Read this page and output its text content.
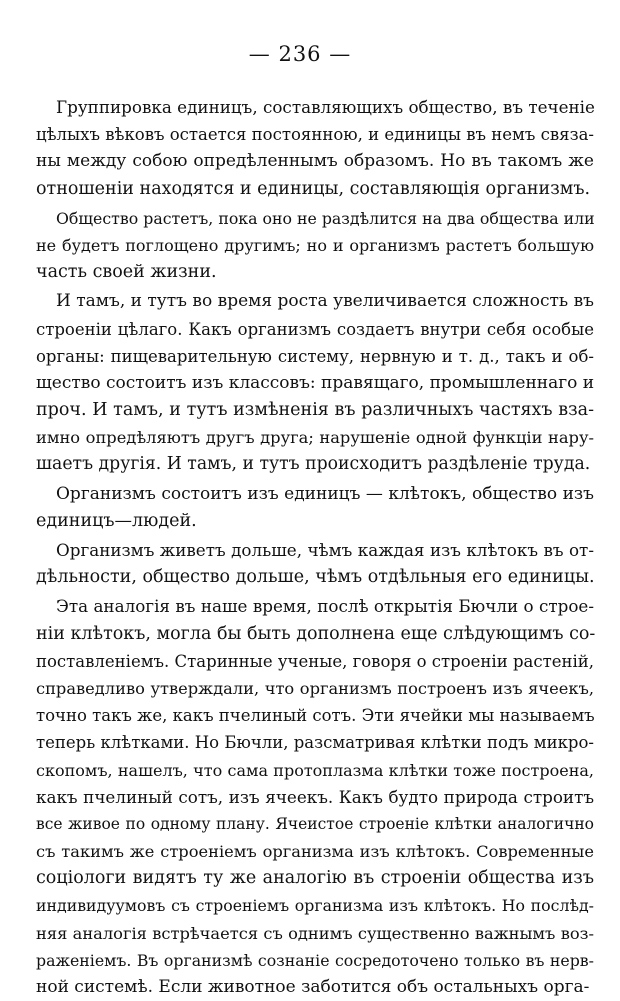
— 236 —
Группировка единицъ, составляющихъ общество, въ теченіе
цѣлыхъ вѣковъ остается постоянною, и единицы въ немъ связа-
ны между собою опредѣленнымъ образомъ. Но въ такомъ же
отношеніи находятся и единицы, составляющія организмъ.
Общество растетъ, пока оно не раздѣлится на два общества или
не будетъ поглощено другимъ; но и организмъ растетъ большую
часть своей жизни.
И тамъ, и тутъ во время роста увеличивается сложность въ
строеніи цѣлаго. Какъ организмъ создаетъ внутри себя особые
органы: пищеварительную систему, нервную и т. д., такъ и об-
щество состоитъ изъ классовъ: правящаго, промышленнаго и
проч. И тамъ, и тутъ измѣненія въ различныхъ частяхъ вза-
имно опредѣляютъ другъ друга; нарушеніе одной функціи нару-
шаетъ другія. И тамъ, и тутъ происходитъ раздѣленіе труда.
Организмъ состоитъ изъ единицъ — клѣтокъ, общество изъ
единицъ—людей.
Организмъ живетъ дольше, чѣмъ каждая изъ клѣтокъ въ от-
дѣльности, общество дольше, чѣмъ отдѣльныя его единицы.
Эта аналогія въ наше время, послѣ открытія Бючли о строе-
ніи клѣтокъ, могла бы быть дополнена еще слѣдующимъ со-
поставленіемъ. Старинные ученые, говоря о строеніи растеній,
справедливо утверждали, что организмъ построенъ изъ ячеекъ,
точно такъ же, какъ пчелиный сотъ. Эти ячейки мы называемъ
теперь клѣтками. Но Бючли, разсматривая клѣтки подъ микро-
скопомъ, нашелъ, что сама протоплазма клѣтки тоже построена,
какъ пчелиный сотъ, изъ ячеекъ. Какъ будто природа строитъ
все живое по одному плану. Ячеистое строеніе клѣтки аналогично
съ такимъ же строеніемъ организма изъ клѣтокъ. Современные
соціологи видятъ ту же аналогію въ строеніи общества изъ
индивидуумовъ съ строеніемъ организма изъ клѣтокъ. Но послѣд-
няя аналогія встрѣчается съ однимъ существенно важнымъ воз-
раженіемъ. Въ организмѣ сознаніе сосредоточено только въ нерв-
ной системѣ. Если животное заботится объ остальныхъ орга-
